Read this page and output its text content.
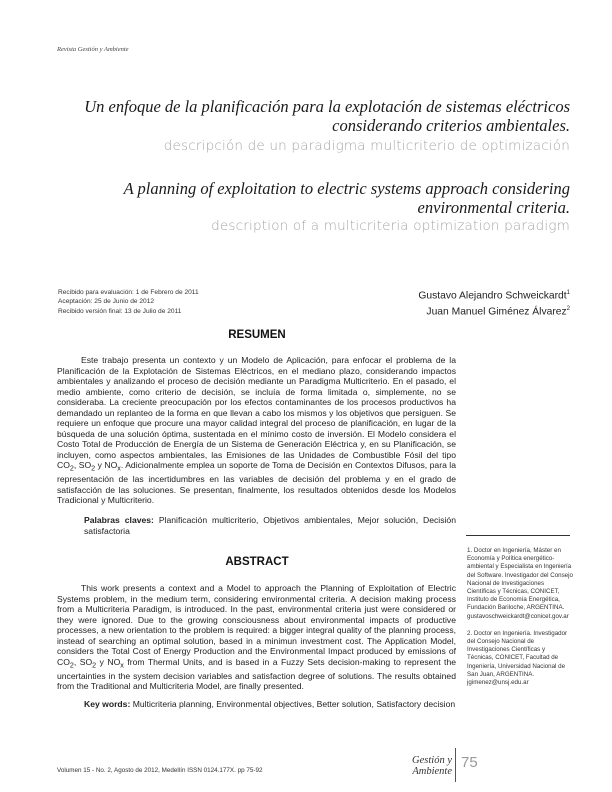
Revista Gestión y Ambiente
Un enfoque de la planificación para la explotación de sistemas eléctricos considerando criterios ambientales.
descripción de un paradigma multicriterio de optimización
A planning of exploitation to electric systems approach considering environmental criteria.
description of a multicriteria optimization paradigm
Recibido para evaluación: 1 de Febrero de 2011
Aceptación: 25 de Junio de 2012
Recibido versión final: 13 de Julio de 2011
Gustavo Alejandro Schweickardt$^1$
Juan Manuel Giménez Álvarez$^2$
RESUMEN

Este trabajo presenta un contexto y un Modelo de Aplicación, para enfocar el problema de la Planificación de la Explotación de Sistemas Eléctricos, en el mediano plazo, considerando impactos ambientales y analizando el proceso de decisión mediante un Paradigma Multicriterio. En el pasado, el medio ambiente, como criterio de decisión, se incluía de forma limitada o, simplemente, no se consideraba. La creciente preocupación por los efectos contaminantes de los procesos productivos ha demandado un replanteo de la forma en que llevan a cabo los mismos y los objetivos que persiguen. Se requiere un enfoque que procure una mayor calidad integral del proceso de planificación, en lugar de la búsqueda de una solución óptima, sustentada en el mínimo costo de inversión. El Modelo considera el Costo Total de Producción de Energía de un Sistema de Generación Eléctrica y, en su Planificación, se incluyen, como aspectos ambientales, las Emisiones de las Unidades de Combustible Fósil del tipo $CO_2$, $SO_2$ y $NO_x$. Adicionalmente emplea un soporte de Toma de Decisión en Contextos Difusos, para la representación de las incertidumbres en las variables de decisión del problema y en el grado de satisfacción de las soluciones. Se presentan, finalmente, los resultados obtenidos desde los Modelos Tradicional y Multicriterio.

Palabras claves: Planificación multicriterio, Objetivos ambientales, Mejor solución, Decisión satisfactoria

1. Doctor en Ingeniería, Máster en Economía y Política energético-ambiental y Especialista en Ingeniería del Software. Investigador del Consejo Nacional de Investigaciones Científicas y Técnicas, CONICET, Instituto de Economía Energética, Fundación Bariloche, ARGENTINA. gustavoschweickardt@conicet.gov.ar

2. Doctor en Ingeniería. Investigador del Consejo Nacional de Investigaciones Científicas y Técnicas, CONICET, Facultad de Ingeniería, Universidad Nacional de San Juan, ARGENTINA. jgimenez@unsj.edu.ar

ABSTRACT

This work presents a context and a Model to approach the Planning of Exploitation of Electric Systems problem, in the medium term, considering environmental criteria. A decision making process from a Multicriteria Paradigm, is introduced. In the past, environmental criteria just were considered or they were ignored. Due to the growing consciousness about environmental impacts of productive processes, a new orientation to the problem is required: a bigger integral quality of the planning process, instead of searching an optimal solution, based in a minimun investment cost. The Application Model, considers the Total Cost of Energy Production and the Environmental Impact produced by emissions of $CO_2$, $SO_2$ y $NO_x$ from Thermal Units, and is based in a Fuzzy Sets decision-making to represent the uncertainties in the system decision variables and satisfaction degree of solutions. The results obtained from the Traditional and Multicriteria Model, are finally presented.

Key words: Multicriteria planning, Environmental objectives, Better solution, Satisfactory decision
Volumen 15 - No. 2, Agosto de 2012, Medellín ISSN 0124.177X. pp 75-92
Gestión y
Ambiente
75
